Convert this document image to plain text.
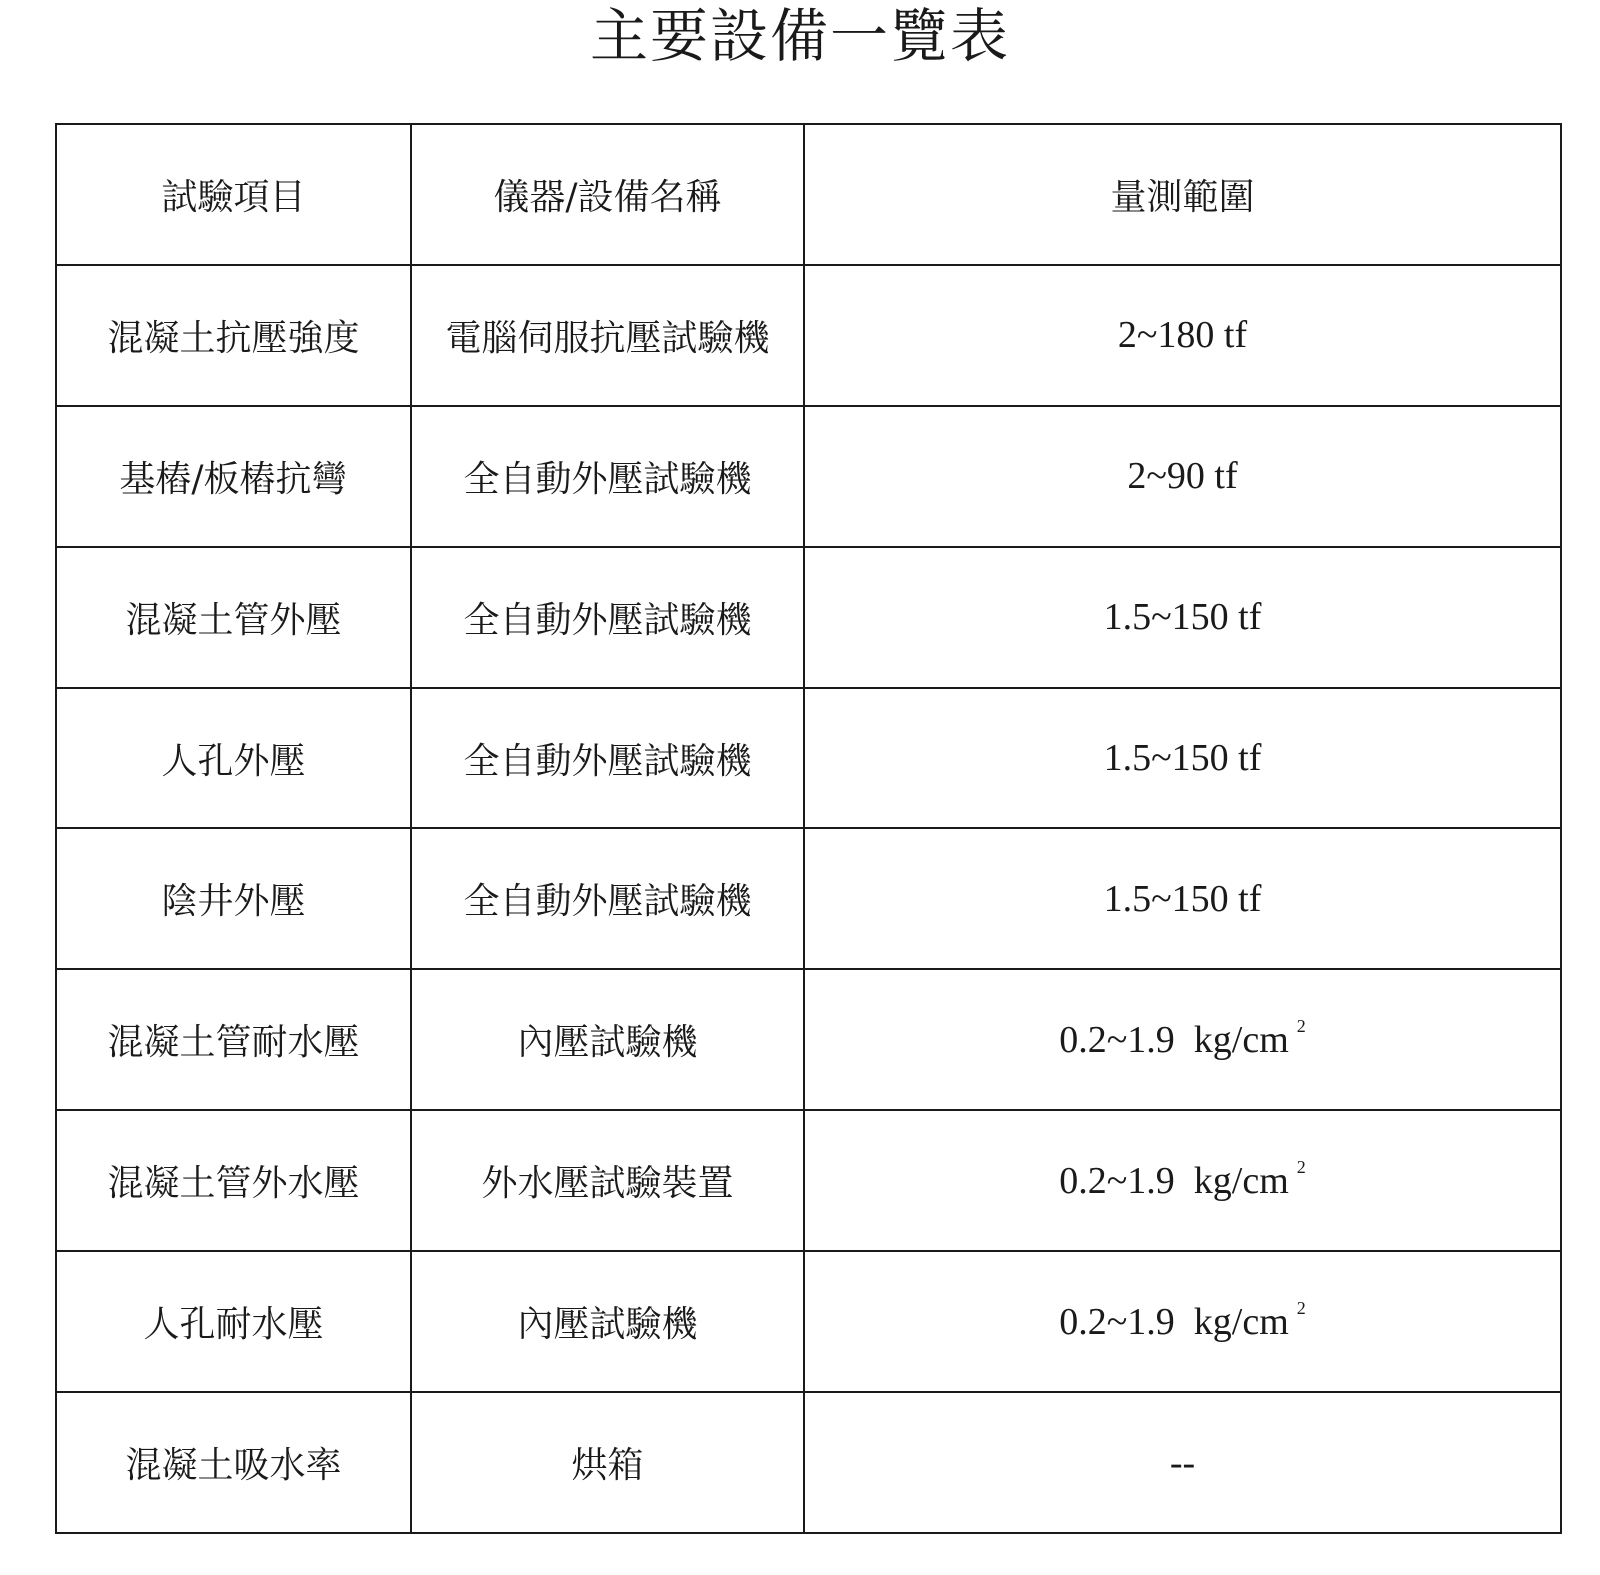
主要設備一覽表
試驗項目	儀器/設備名稱	量測範圍
混凝土抗壓強度	電腦伺服抗壓試驗機	2~180 tf
基樁/板樁抗彎	全自動外壓試驗機	2~90 tf
混凝土管外壓	全自動外壓試驗機	1.5~150 tf
人孔外壓	全自動外壓試驗機	1.5~150 tf
陰井外壓	全自動外壓試驗機	1.5~150 tf
混凝土管耐水壓	內壓試驗機	0.2~1.9  kg/cm $^2$
混凝土管外水壓	外水壓試驗裝置	0.2~1.9  kg/cm $^2$
人孔耐水壓	內壓試驗機	0.2~1.9  kg/cm $^2$
混凝土吸水率	烘箱	--
